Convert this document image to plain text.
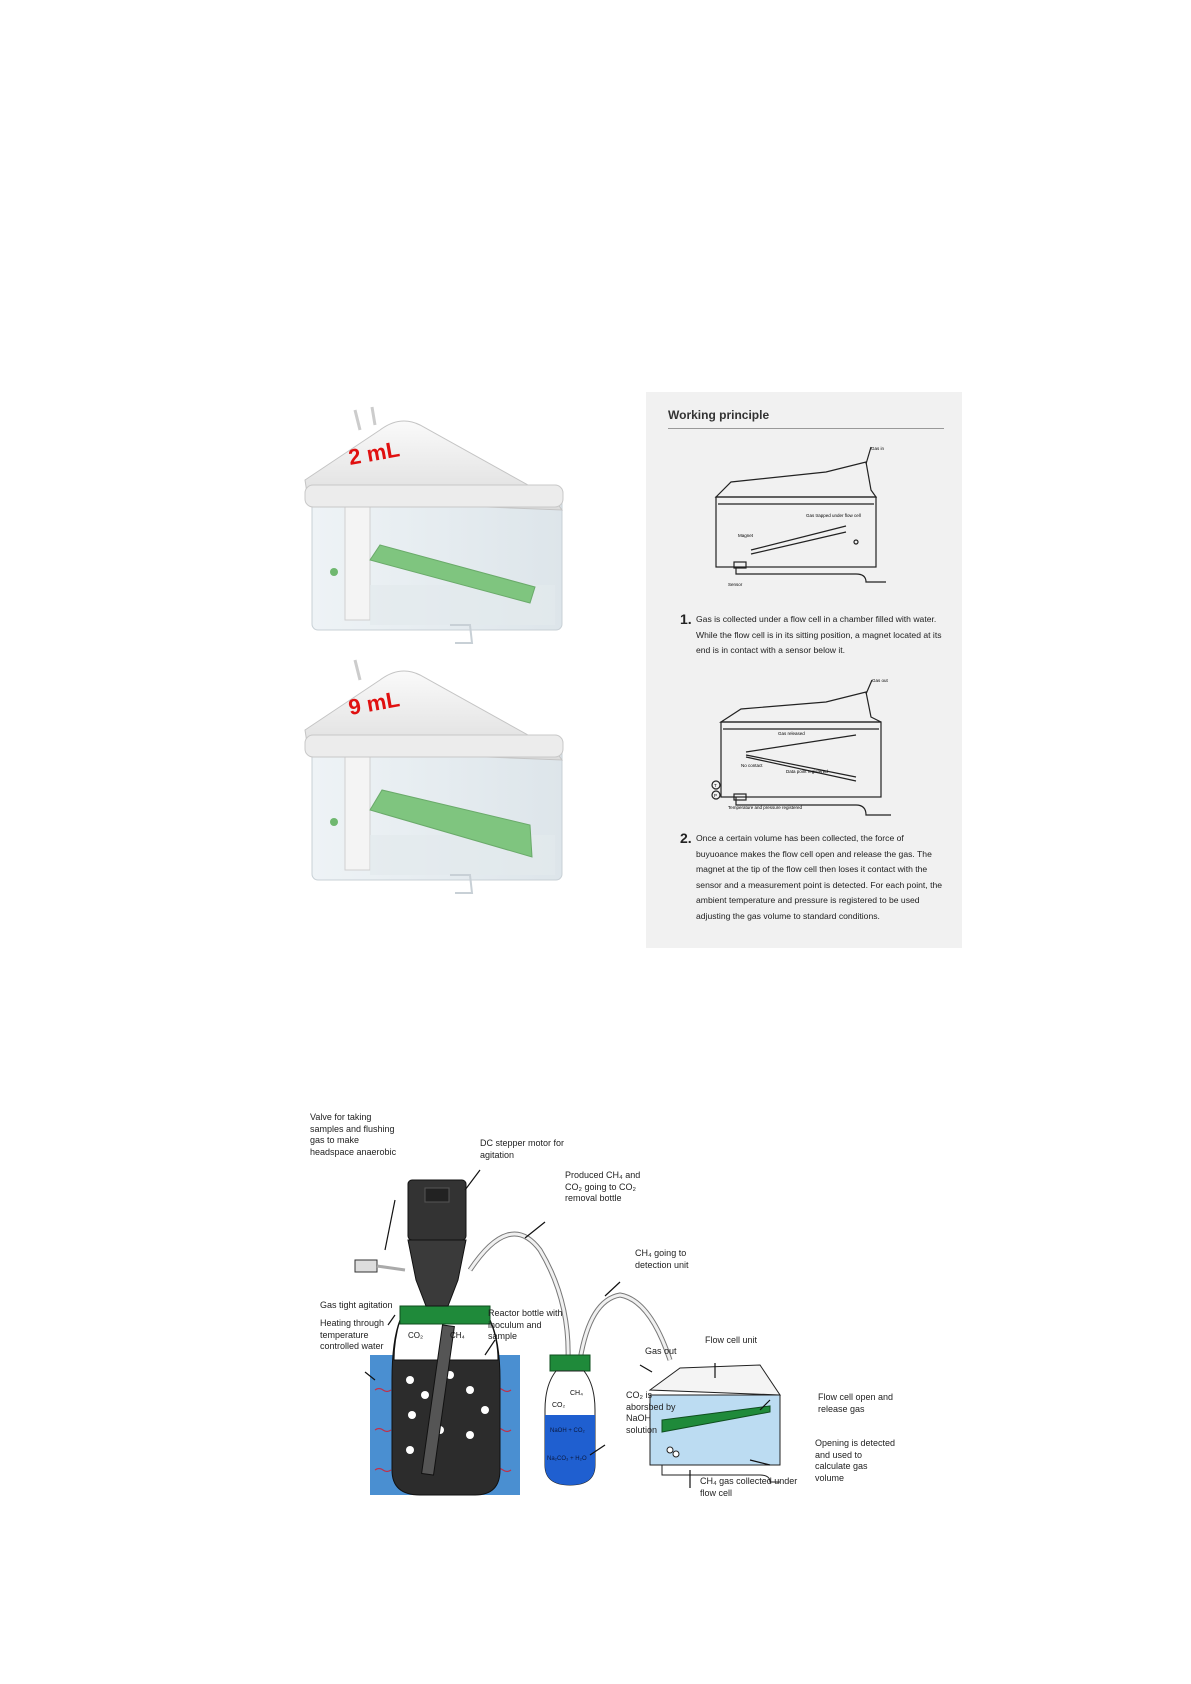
2 mL
9 mL
Working principle
Gas in
Gas trapped under flow cell
Magnet
Sensor
1. Gas is collected under a flow cell in a chamber filled with water. While the flow cell is in its sitting position, a magnet located at its end is in contact with a sensor below it.
Gas out
Gas released
No contact
Data point registered
T
P
Temperature and pressure registered
2. Once a certain volume has been collected, the force of buyuoance makes the flow cell open and release the gas. The magnet at the tip of the flow cell then loses it contact with the sensor and a measurement point is detected. For each point, the ambient temperature and pressure is registered to be used adjusting the gas volume to standard conditions.
CO₂	CH₄
CO₂
CH₄
NaOH + CO₂
Na₂CO₃ + H₂O
Valve for taking samples and flushing gas to make headspace anaerobic
DC stepper motor for agitation
Produced CH₄ and CO₂ going to CO₂ removal bottle
CH₄ going to detection unit
Gas tight agitation
Heating through temperature controlled water
Reactor bottle with inoculum and sample
CO₂ is aborsbed by NaOH solution
Gas out
Flow cell unit
Flow cell open and release gas
Opening is detected and used to calculate gas volume
CH₄ gas collected under flow cell
